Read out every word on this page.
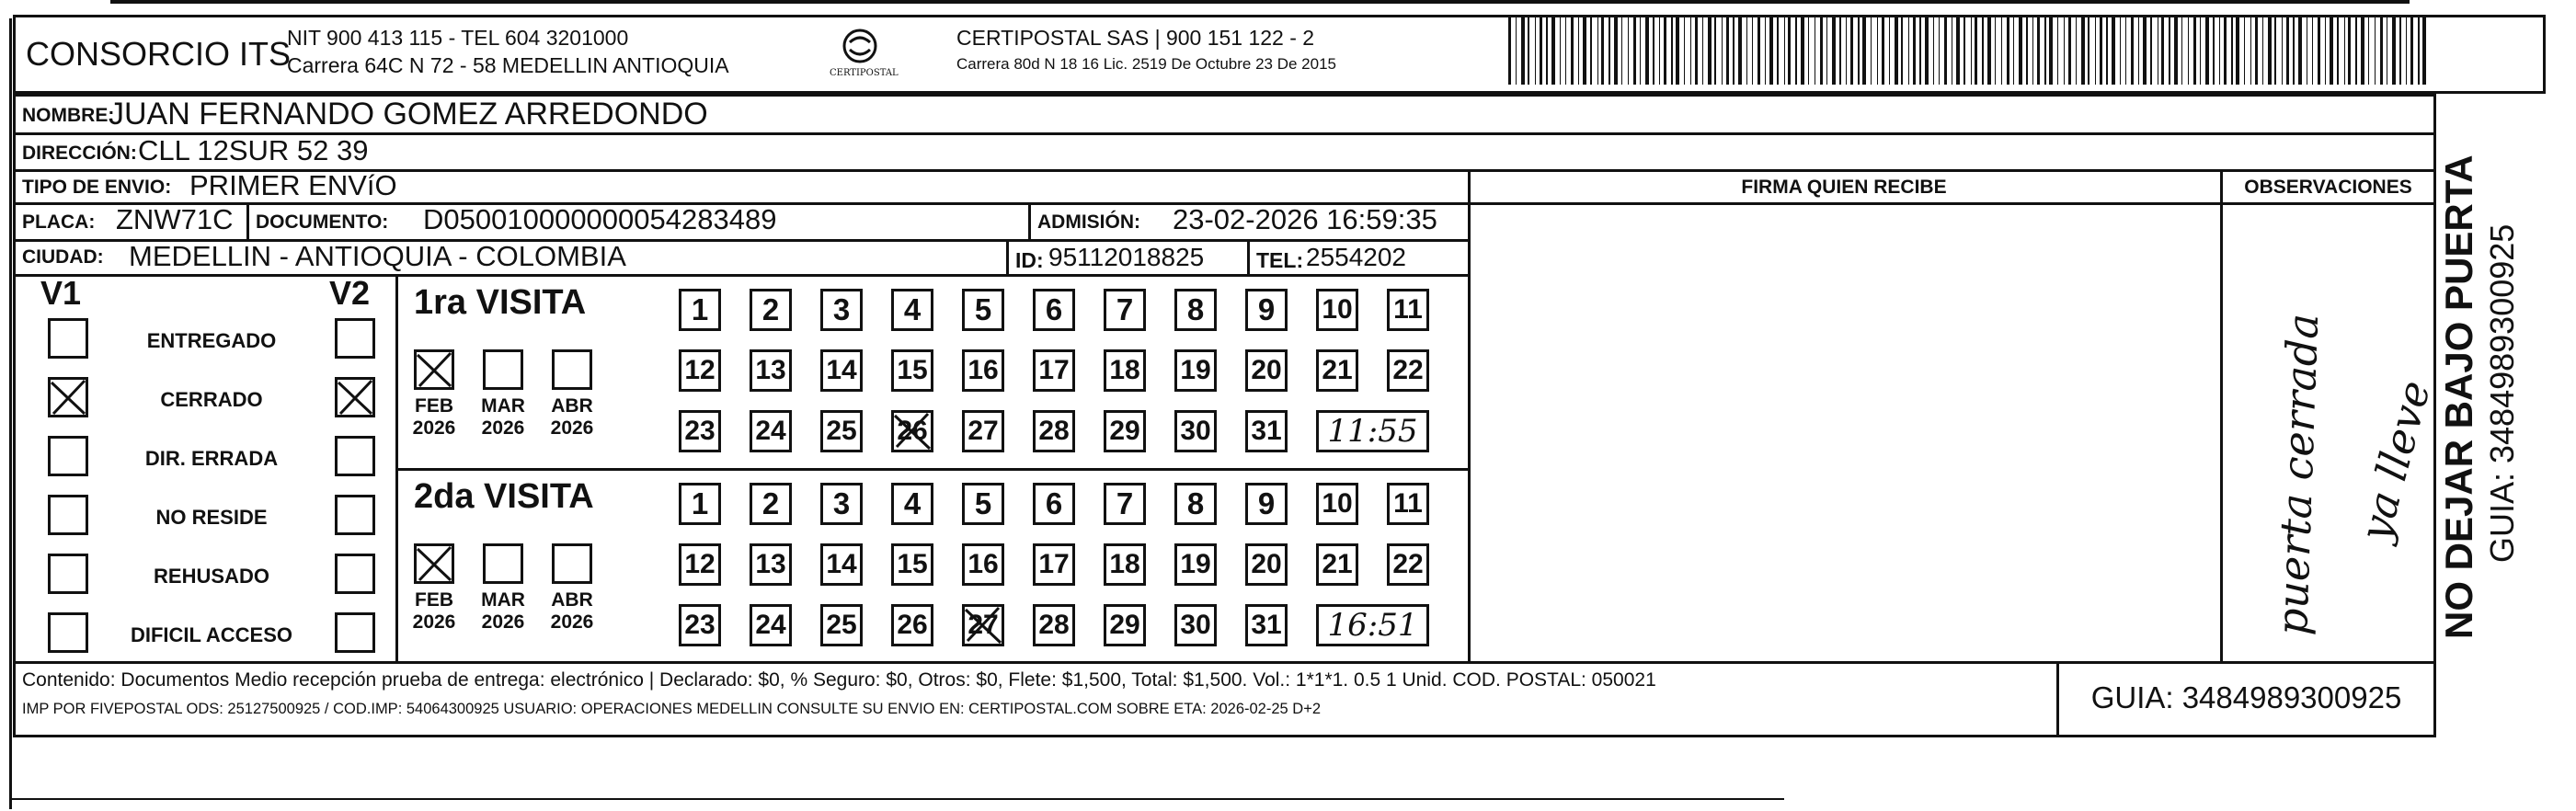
CONSORCIO ITS
NIT 900 413 115 - TEL 604 3201000
Carrera 64C N 72 - 58 MEDELLIN ANTIOQUIA	CERTIPOSTAL
CERTIPOSTAL SAS | 900 151 122 - 2
Carrera 80d N 18 16 Lic. 2519 De Octubre 23 De 2015
NOMBRE:
JUAN FERNANDO GOMEZ ARREDONDO
DIRECCIÓN: CLL 12SUR 52 39
TIPO DE ENVIO: PRIMER ENVíO	FIRMA QUIEN RECIBE	OBSERVACIONES
puerta cerrada ya lleve
PLACA: ZNW71C DOCUMENTO: D050010000000054283489	ADMISIÓN: 23-02-2026 16:59:35
CIUDAD: MEDELLIN - ANTIOQUIA - COLOMBIA	ID: 95112018825 TEL: 2554202
V1	V2
ENTREGADO
CERRADO
DIR. ERRADA
NO RESIDE
REHUSADO
DIFICIL ACCESO
1ra VISITA
FEB
2026
MAR
2026
ABR
2026
1	2	3	4	5	6	7	8	9	10 11
12 13 14 15 16 17 18 19 20 21 22
23 24 25 26 27 28 29 30 31 11:55
2da VISITA
FEB
2026
MAR
2026
ABR
2026
1	2	3	4	5	6	7	8	9	10 11
12 13 14 15 16 17 18 19 20 21 22
23 24 25 26 27 28 29 30 31 16:51
Contenido: Documentos Medio recepción prueba de entrega: electrónico | Declarado: $0, % Seguro: $0, Otros: $0, Flete: $1,500, Total: $1,500. Vol.: 1*1*1. 0.5 1 Unid. COD. POSTAL: 050021
IMP POR FIVEPOSTAL ODS: 25127500925 / COD.IMP: 54064300925 USUARIO: OPERACIONES MEDELLIN CONSULTE SU ENVIO EN: CERTIPOSTAL.COM SOBRE ETA: 2026-02-25 D+2	GUIA: 3484989300925
NO DEJAR BAJO PUERTA GUIA: 3484989300925
